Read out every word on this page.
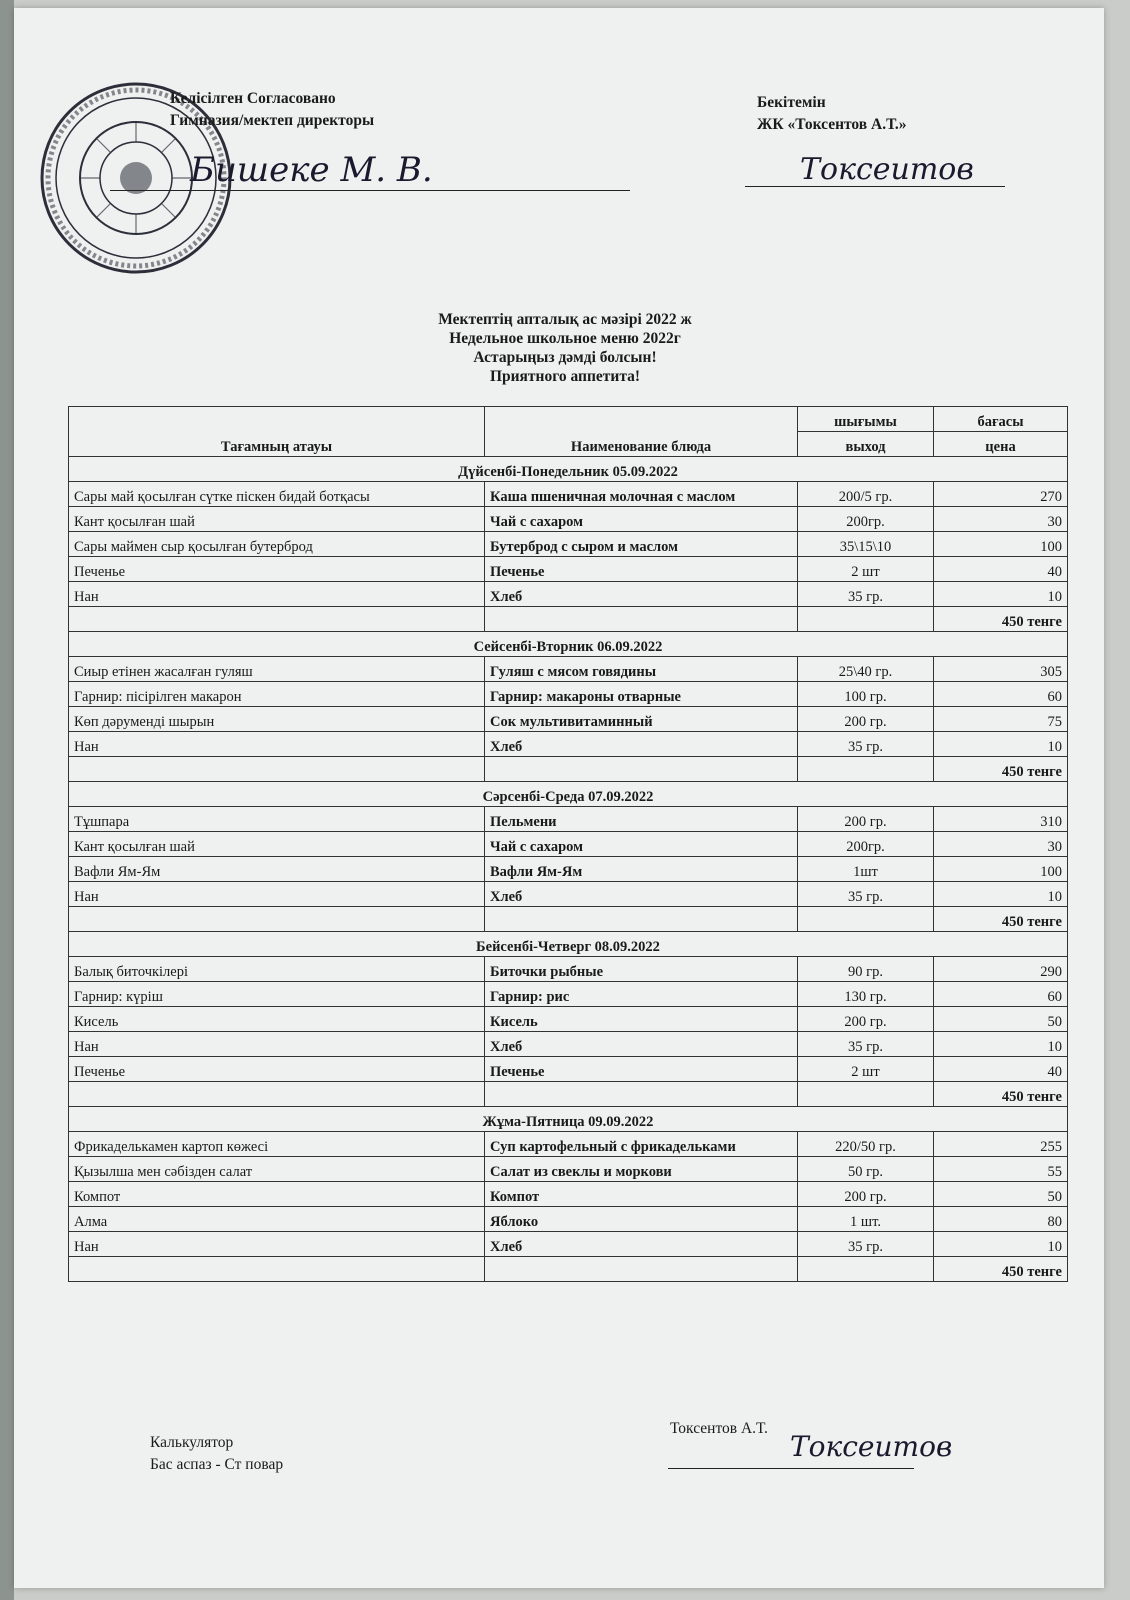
Келісілген Согласовано
Гимназия/мектеп директоры
Бишеке М. В.
Бекітемін
ЖК «Токсентов А.Т.»
Токсеитов
Мектептің апталық ас мәзірі 2022 ж
Недельное школьное меню 2022г
Астарыңыз дәмді болсын!
Приятного аппетита!
Тағамның атауы	Наименование блюда	шығымы	бағасы
		выход	цена
Дүйсенбі-Понедельник 05.09.2022			
Сары май қосылған сүтке піскен бидай ботқасы	Каша пшеничная молочная с маслом	200/5 гр.	270
Кант қосылған шай	Чай с сахаром	200гр.	30
Сары маймен сыр қосылған бутерброд	Бутерброд с сыром и маслом	35\15\10	100
Печенье	Печенье	2 шт	40
Нан	Хлеб	35 гр.	10
			450 тенге
Сейсенбі-Вторник 06.09.2022			
Сиыр етінен жасалған гуляш	Гуляш с мясом говядины	25\40 гр.	305
Гарнир: пісірілген макарон	Гарнир: макароны отварные	100 гр.	60
Көп дәруменді шырын	Сок мультивитаминный	200 гр.	75
Нан	Хлеб	35 гр.	10
			450 тенге
Сәрсенбі-Среда 07.09.2022			
Тұшпара	Пельмени	200 гр.	310
Кант қосылған шай	Чай с сахаром	200гр.	30
Вафли Ям-Ям	Вафли Ям-Ям	1шт	100
Нан	Хлеб	35 гр.	10
			450 тенге
Бейсенбі-Четверг 08.09.2022			
Балық биточкілері	Биточки рыбные	90 гр.	290
Гарнир: күріш	Гарнир: рис	130 гр.	60
Кисель	Кисель	200 гр.	50
Нан	Хлеб	35 гр.	10
Печенье	Печенье	2 шт	40
			450 тенге
Жұма-Пятница 09.09.2022			
Фрикаделькамен картоп көжесі	Суп картофельный с фрикадельками	220/50 гр.	255
Қызылша мен сәбізден салат	Салат из свеклы и моркови	50 гр.	55
Компот	Компот	200 гр.	50
Алма	Яблоко	1 шт.	80
Нан	Хлеб	35 гр.	10
			450 тенге
Калькулятор
Бас аспаз - Ст повар
Токсентов А.Т.
Токсеитов
